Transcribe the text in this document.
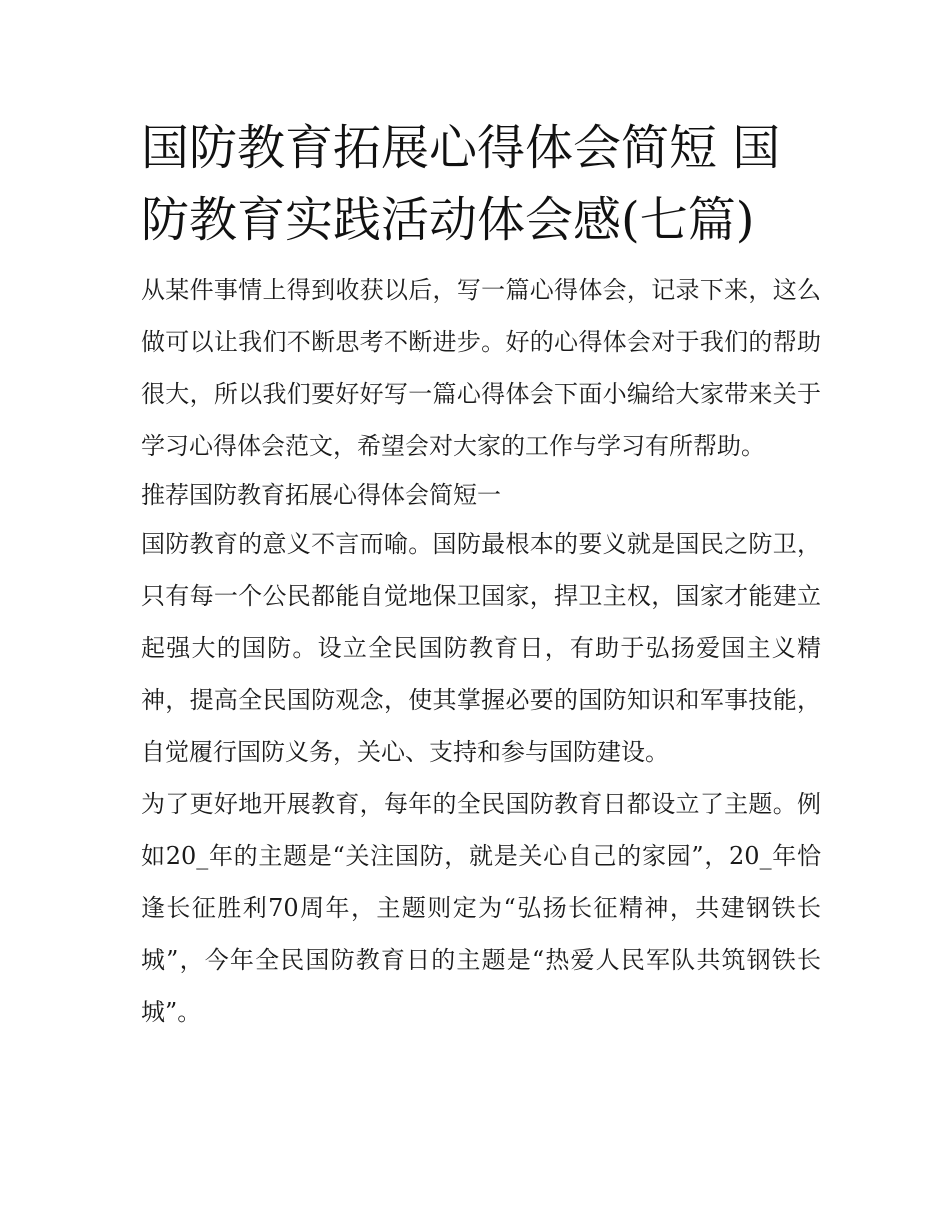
国防教育拓展心得体会简短 国防教育实践活动体会感(七篇)

从某件事情上得到收获以后，写一篇心得体会，记录下来，这么做可以让我们不断思考不断进步。好的心得体会对于我们的帮助很大，所以我们要好好写一篇心得体会下面小编给大家带来关于学习心得体会范文，希望会对大家的工作与学习有所帮助。

推荐国防教育拓展心得体会简短一

国防教育的意义不言而喻。国防最根本的要义就是国民之防卫，只有每一个公民都能自觉地保卫国家，捍卫主权，国家才能建立起强大的国防。设立全民国防教育日，有助于弘扬爱国主义精神，提高全民国防观念，使其掌握必要的国防知识和军事技能，自觉履行国防义务，关心、支持和参与国防建设。

为了更好地开展教育，每年的全民国防教育日都设立了主题。例如20_年的主题是“关注国防，就是关心自己的家园”，20_年恰逢长征胜利70周年，主题则定为“弘扬长征精神，共建钢铁长城”，今年全民国防教育日的主题是“热爱人民军队共筑钢铁长城”。
